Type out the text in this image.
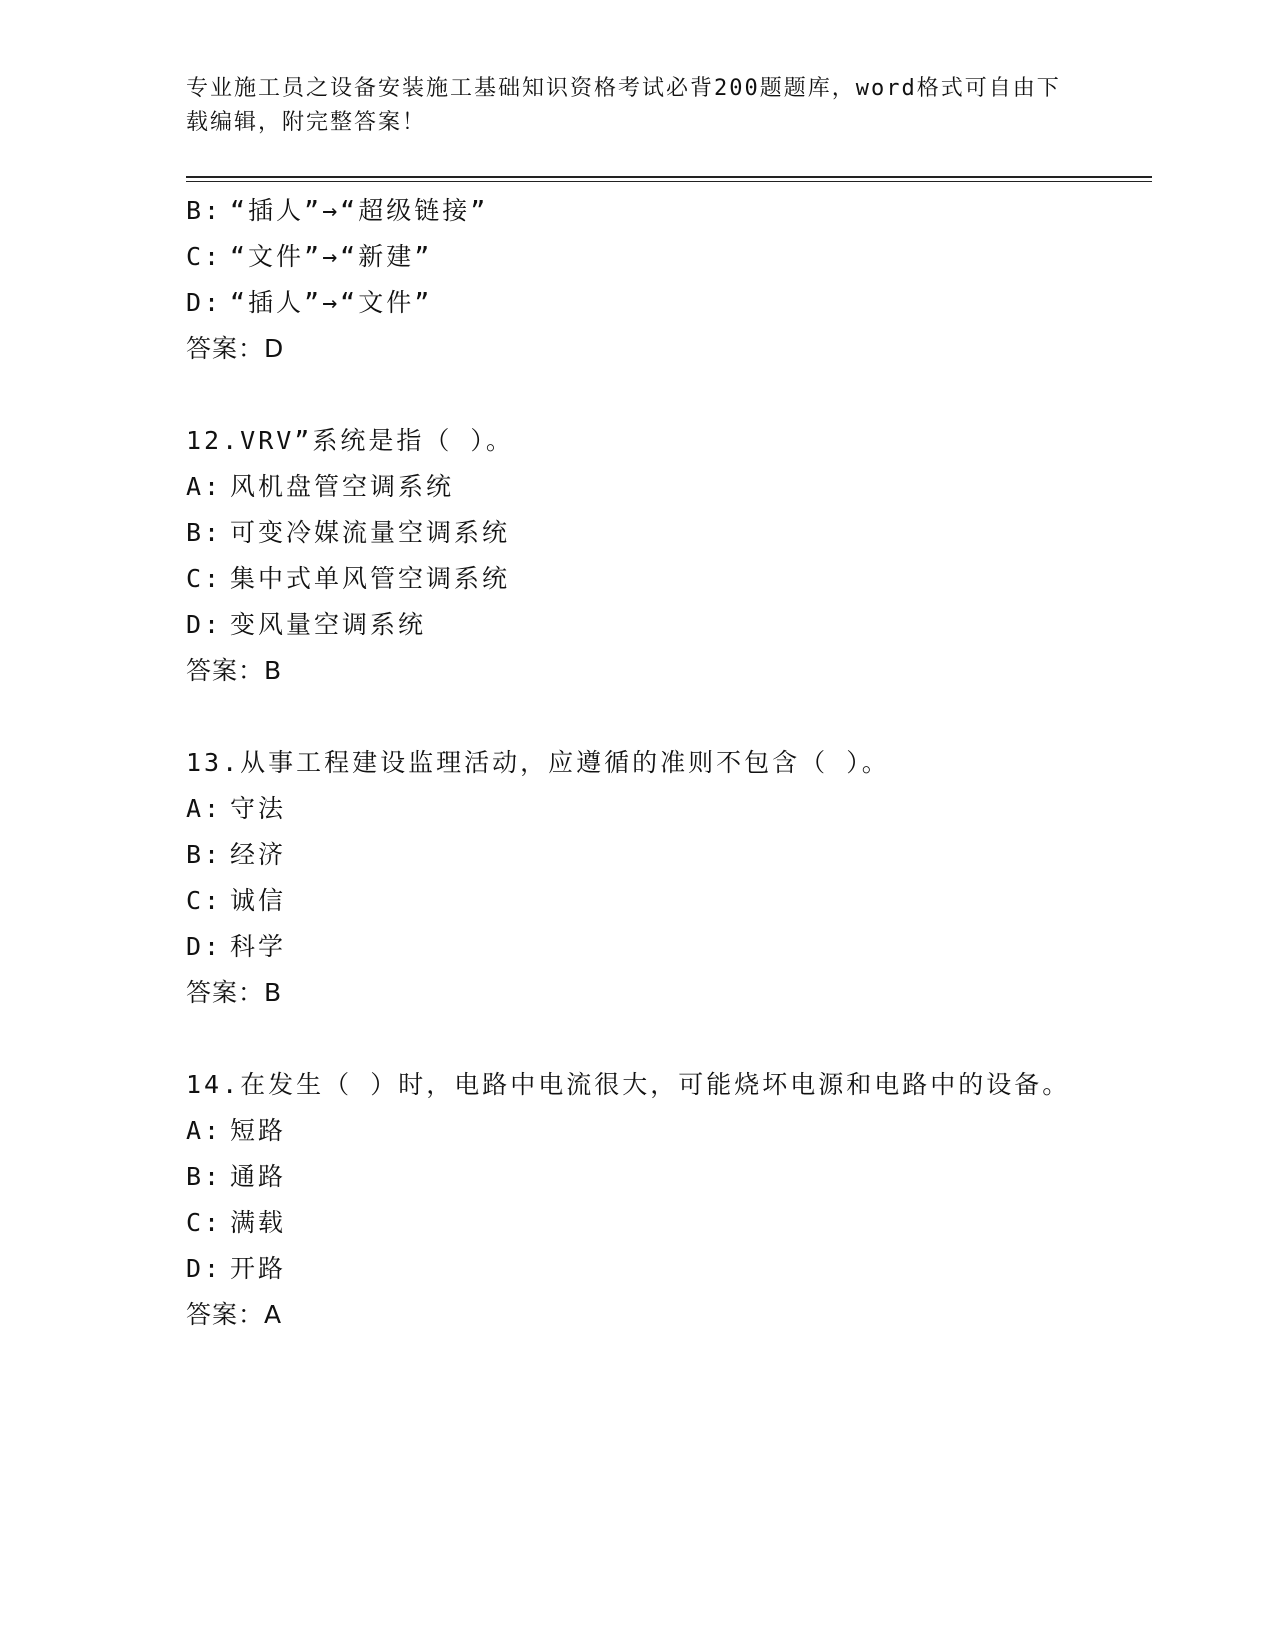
专业施工员之设备安装施工基础知识资格考试必背200题题库，word格式可自由下载编辑，附完整答案！
B: “插人”→“超级链接”
C: “文件”→“新建”
D: “插人”→“文件”
答案：D
12.VRV”系统是指（ ）。
A: 风机盘管空调系统
B: 可变冷媒流量空调系统
C: 集中式单风管空调系统
D: 变风量空调系统
答案：B
13.从事工程建设监理活动，应遵循的准则不包含（ ）。
A: 守法
B: 经济
C: 诚信
D: 科学
答案：B
14.在发生（ ）时，电路中电流很大，可能烧坏电源和电路中的设备。
A: 短路
B: 通路
C: 满载
D: 开路
答案：A
